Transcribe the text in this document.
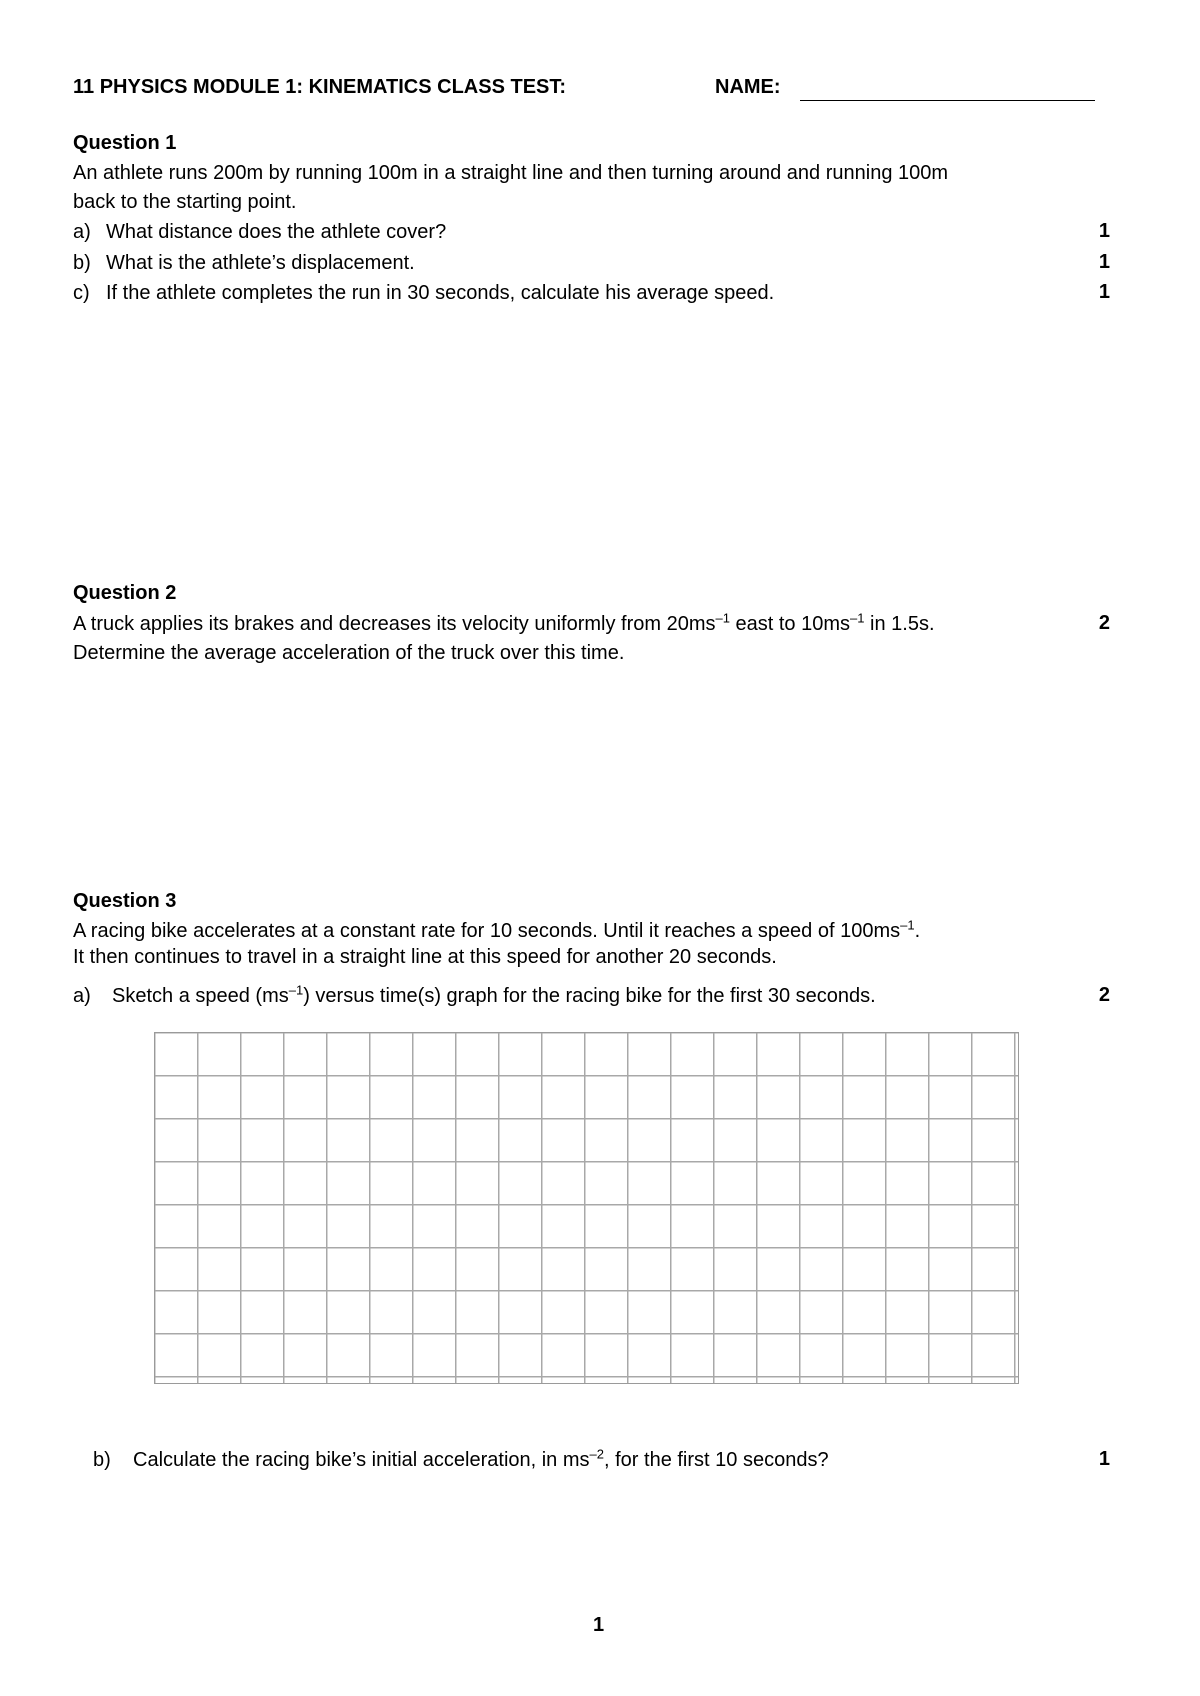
11 PHYSICS MODULE 1: KINEMATICS CLASS TEST:	NAME:
Question 1
An athlete runs 200m by running 100m in a straight line and then turning around and running 100m
back to the starting point.
a) What distance does the athlete cover?	1
b) What is the athlete’s displacement.	1
c) If the athlete completes the run in 30 seconds, calculate his average speed.	1
Question 2
A truck applies its brakes and decreases its velocity uniformly from $20ms^{-1}$ east to $10ms^{-1}$ in 1.5s.	2
Determine the average acceleration of the truck over this time.
Question 3
A racing bike accelerates at a constant rate for 10 seconds. Until it reaches a speed of $100ms^{-1}$.
It then continues to travel in a straight line at this speed for another 20 seconds.
a) Sketch a speed $(ms^{-1})$ versus time(s) graph for the racing bike for the first 30 seconds.	2
b) Calculate the racing bike’s initial acceleration, in $ms^{-2}$, for the first 10 seconds?	1
1
